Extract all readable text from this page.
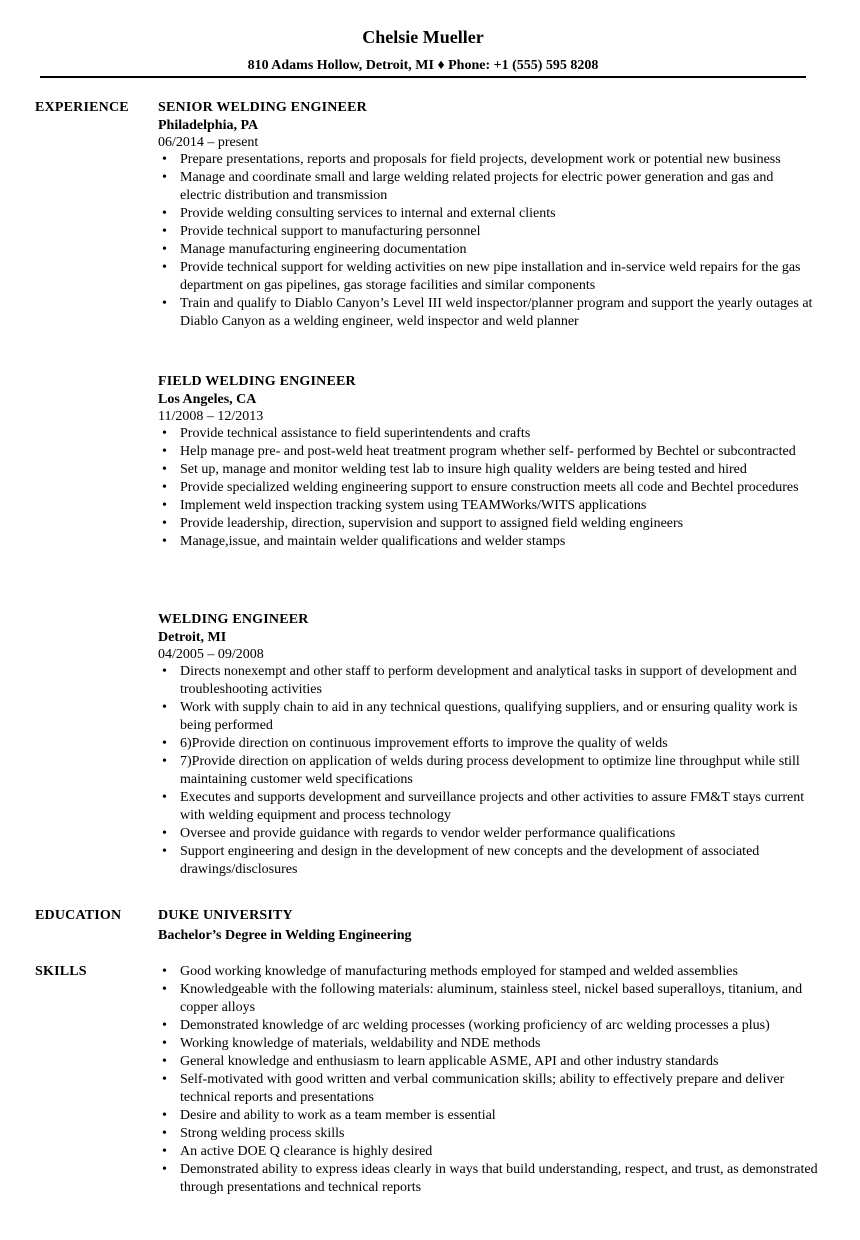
Chelsie Mueller
810 Adams Hollow, Detroit, MI ♦ Phone: +1 (555) 595 8208
EXPERIENCE SENIOR WELDING ENGINEER
Philadelphia, PA
06/2014 – present
• Prepare presentations, reports and proposals for field projects, development work or potential new business
• Manage and coordinate small and large welding related projects for electric power generation and gas and electric distribution and transmission
• Provide welding consulting services to internal and external clients
• Provide technical support to manufacturing personnel
• Manage manufacturing engineering documentation
• Provide technical support for welding activities on new pipe installation and in-service weld repairs for the gas department on gas pipelines, gas storage facilities and similar components
• Train and qualify to Diablo Canyon’s Level III weld inspector/planner program and support the yearly outages at Diablo Canyon as a welding engineer, weld inspector and weld planner
FIELD WELDING ENGINEER
Los Angeles, CA
11/2008 – 12/2013
• Provide technical assistance to field superintendents and crafts
• Help manage pre- and post-weld heat treatment program whether self- performed by Bechtel or subcontracted
• Set up, manage and monitor welding test lab to insure high quality welders are being tested and hired
• Provide specialized welding engineering support to ensure construction meets all code and Bechtel procedures
• Implement weld inspection tracking system using TEAMWorks/WITS applications
• Provide leadership, direction, supervision and support to assigned field welding engineers
• Manage,issue, and maintain welder qualifications and welder stamps
WELDING ENGINEER
Detroit, MI
04/2005 – 09/2008
• Directs nonexempt and other staff to perform development and analytical tasks in support of development and troubleshooting activities
• Work with supply chain to aid in any technical questions, qualifying suppliers, and or ensuring quality work is being performed
• 6)Provide direction on continuous improvement efforts to improve the quality of welds
• 7)Provide direction on application of welds during process development to optimize line throughput while still maintaining customer weld specifications
• Executes and supports development and surveillance projects and other activities to assure FM&T stays current with welding equipment and process technology
• Oversee and provide guidance with regards to vendor welder performance qualifications
• Support engineering and design in the development of new concepts and the development of associated drawings/disclosures
EDUCATION	DUKE UNIVERSITY
Bachelor’s Degree in Welding Engineering
SKILLS	• Good working knowledge of manufacturing methods employed for stamped and welded assemblies
• Knowledgeable with the following materials: aluminum, stainless steel, nickel based superalloys, titanium, and copper alloys
• Demonstrated knowledge of arc welding processes (working proficiency of arc welding processes a plus)
• Working knowledge of materials, weldability and NDE methods
• General knowledge and enthusiasm to learn applicable ASME, API and other industry standards
• Self-motivated with good written and verbal communication skills; ability to effectively prepare and deliver technical reports and presentations
• Desire and ability to work as a team member is essential
• Strong welding process skills
• An active DOE Q clearance is highly desired
• Demonstrated ability to express ideas clearly in ways that build understanding, respect, and trust, as demonstrated through presentations and technical reports
